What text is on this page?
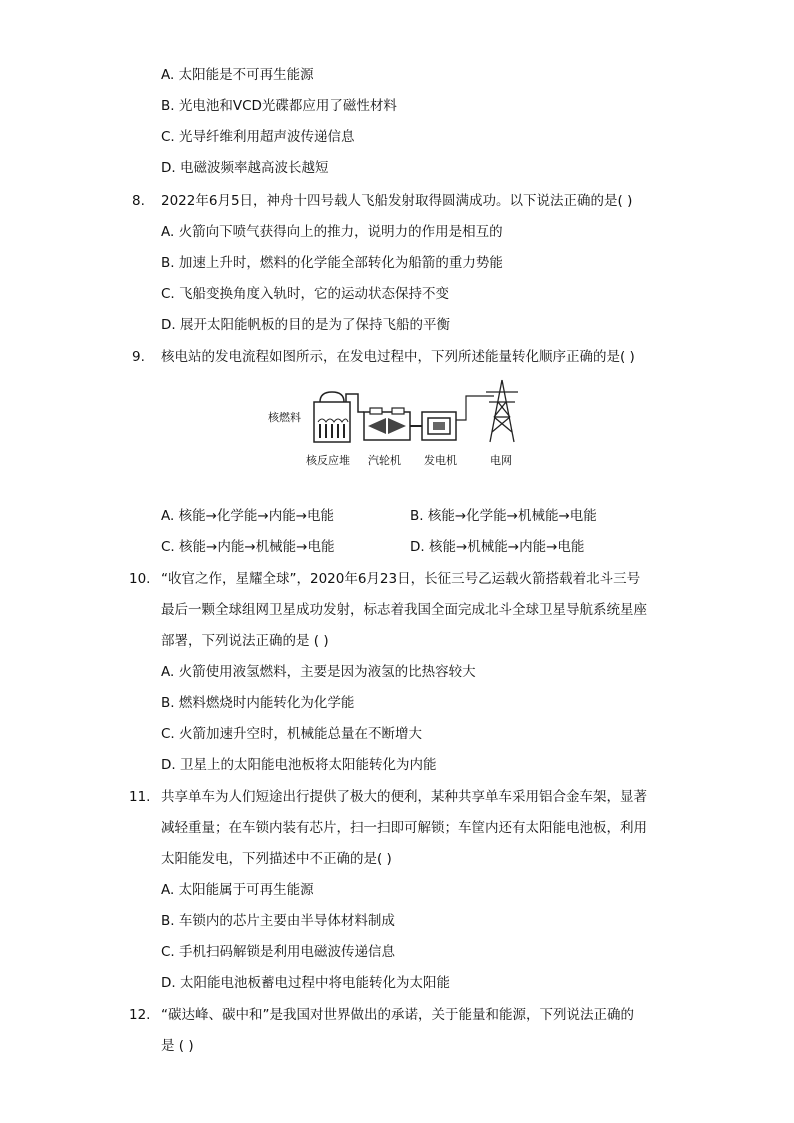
A. 太阳能是不可再生能源
B. 光电池和VCD光碟都应用了磁性材料
C. 光导纤维利用超声波传递信息
D. 电磁波频率越高波长越短
8. 2022年6月5日，神舟十四号载人飞船发射取得圆满成功。以下说法正确的是( )
A. 火箭向下喷气获得向上的推力，说明力的作用是相互的
B. 加速上升时，燃料的化学能全部转化为船箭的重力势能
C. 飞船变换角度入轨时，它的运动状态保持不变
D. 展开太阳能帆板的目的是为了保持飞船的平衡
9. 核电站的发电流程如图所示，在发电过程中，下列所述能量转化顺序正确的是( )
核燃料
核反应堆 汽轮机 发电机	电网
A. 核能→化学能→内能→电能	B. 核能→化学能→机械能→电能
C. 核能→内能→机械能→电能	D. 核能→机械能→内能→电能
10. “收官之作，星耀全球”，2020年6月23日，长征三号乙运载火箭搭载着北斗三号
最后一颗全球组网卫星成功发射，标志着我国全面完成北斗全球卫星导航系统星座
部署，下列说法正确的是 ( )
A. 火箭使用液氢燃料，主要是因为液氢的比热容较大
B. 燃料燃烧时内能转化为化学能
C. 火箭加速升空时，机械能总量在不断增大
D. 卫星上的太阳能电池板将太阳能转化为内能
11. 共享单车为人们短途出行提供了极大的便利，某种共享单车采用铝合金车架，显著
减轻重量；在车锁内装有芯片，扫一扫即可解锁；车筐内还有太阳能电池板，利用
太阳能发电，下列描述中不正确的是( )
A. 太阳能属于可再生能源
B. 车锁内的芯片主要由半导体材料制成
C. 手机扫码解锁是利用电磁波传递信息
D. 太阳能电池板蓄电过程中将电能转化为太阳能
12. “碳达峰、碳中和”是我国对世界做出的承诺，关于能量和能源，下列说法正确的
是 ( )
